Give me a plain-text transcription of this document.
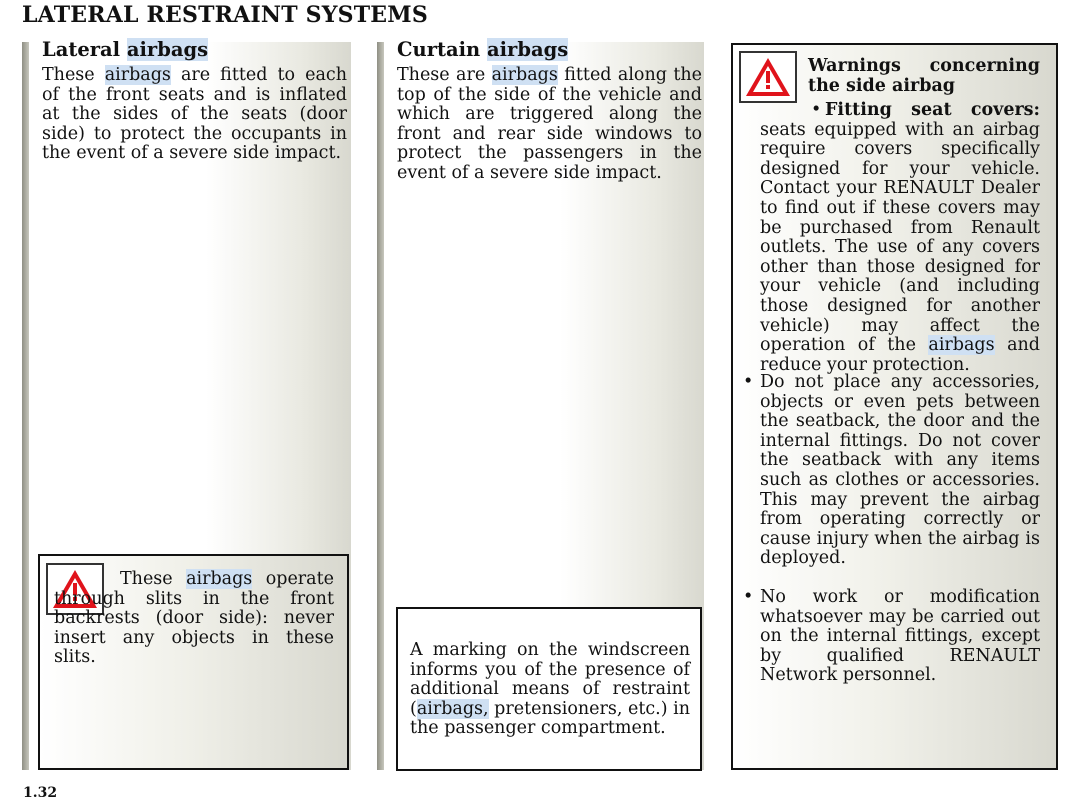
LATERAL RESTRAINT SYSTEMS
Lateral airbags

These airbags are fitted to each of the front seats and is inflated at the sides of the seats (door side) to protect the occupants in the event of a severe side impact.

These airbags operate through slits in the front backrests (door side): never insert any objects in these slits.

Curtain airbags

These are airbags fitted along the top of the side of the vehicle and which are triggered along the front and rear side windows to protect the passengers in the event of a severe side impact.

A marking on the windscreen informs you of the presence of additional means of restraint (airbags, pretensioners, etc.) in the passenger compartment.

Warnings concerning the side airbag
• Fitting seat covers: seats equipped with an airbag require covers specifically designed for your vehicle. Contact your RENAULT Dealer to find out if these covers may be purchased from Renault outlets. The use of any covers other than those designed for your vehicle (and including those designed for another vehicle) may affect the operation of the airbags and reduce your protection.

• Do not place any accessories, objects or even pets between the seatback, the door and the internal fittings. Do not cover the seatback with any items such as clothes or accessories. This may prevent the airbag from operating correctly or cause injury when the airbag is deployed.

• No work or modification whatsoever may be carried out on the internal fittings, except by qualified RENAULT Network personnel.

1.32
